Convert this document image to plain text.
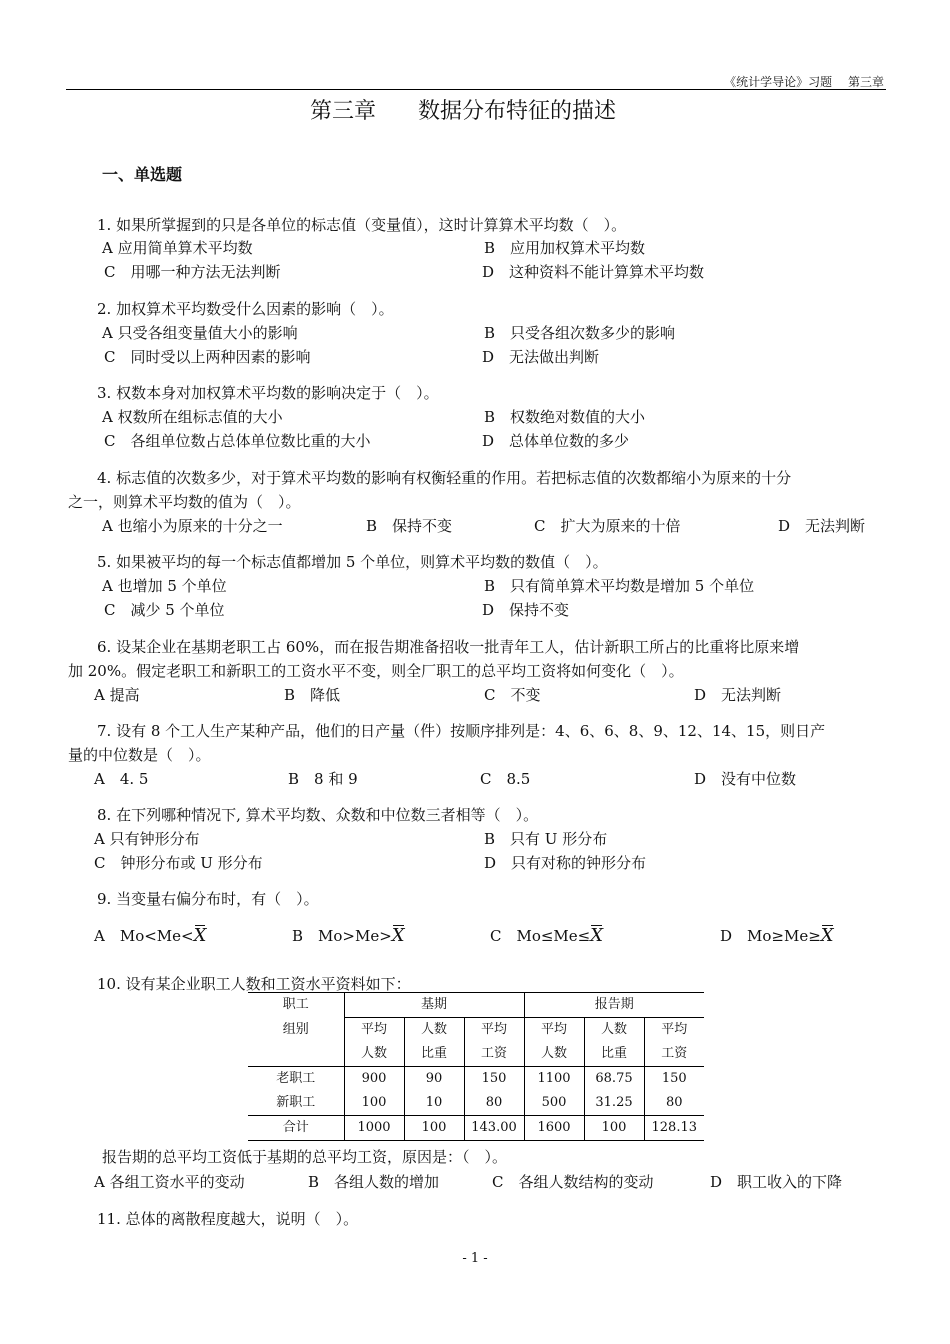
《统计学导论》习题　 第三章
第三章 数据分布特征的描述
一、单选题
1. 如果所掌握到的只是各单位的标志值（变量值），这时计算算术平均数（　）。
A 应用简单算术平均数	B　应用加权算术平均数
C　用哪一种方法无法判断	D　这种资料不能计算算术平均数
2. 加权算术平均数受什么因素的影响（　）。
A 只受各组变量值大小的影响	B　只受各组次数多少的影响
C　同时受以上两种因素的影响	D　无法做出判断
3. 权数本身对加权算术平均数的影响决定于（　）。
A 权数所在组标志值的大小	B　权数绝对数值的大小
C　各组单位数占总体单位数比重的大小	D　总体单位数的多少
4. 标志值的次数多少，对于算术平均数的影响有权衡轻重的作用。若把标志值的次数都缩小为原来的十分
之一，则算术平均数的值为（　）。
A 也缩小为原来的十分之一	B　保持不变	C　扩大为原来的十倍	D　无法判断
5. 如果被平均的每一个标志值都增加 5 个单位，则算术平均数的数值（　）。
A 也增加 5 个单位	B　只有简单算术平均数是增加 5 个单位
C　减少 5 个单位	D　保持不变
6. 设某企业在基期老职工占 60%，而在报告期准备招收一批青年工人，估计新职工所占的比重将比原来增
加 20%。假定老职工和新职工的工资水平不变，则全厂职工的总平均工资将如何变化（　）。
A 提高	B　降低	C　不变	D　无法判断
7. 设有 8 个工人生产某种产品，他们的日产量（件）按顺序排列是：4、6、6、8、9、12、14、15，则日产
量的中位数是（　）。
A　4. 5	B　8 和 9	C　8.5	D　没有中位数
8. 在下列哪种情况下, 算术平均数、众数和中位数三者相等（　）。
A 只有钟形分布	B　只有 U 形分布
C　钟形分布或 U 形分布	D　只有对称的钟形分布
9. 当变量右偏分布时，有（　）。
A　Mo<Me<X	B　Mo>Me>X	C　Mo≤Me≤X	D　Mo≥Me≥X
10. 设有某企业职工人数和工资水平资料如下：
职工	基期			报告期		
组别	平均	人数	平均	平均	人数	平均
	人数	比重	工资	人数	比重	工资
老职工	900	90	150	1100	68.75	150
新职工	100	10	80	500	31.25	80
合计	1000	100	143.00	1600	100	128.13
报告期的总平均工资低于基期的总平均工资，原因是：（　）。
A 各组工资水平的变动	B　各组人数的增加	C　各组人数结构的变动	D　职工收入的下降
11. 总体的离散程度越大，说明（　）。
- 1 -
